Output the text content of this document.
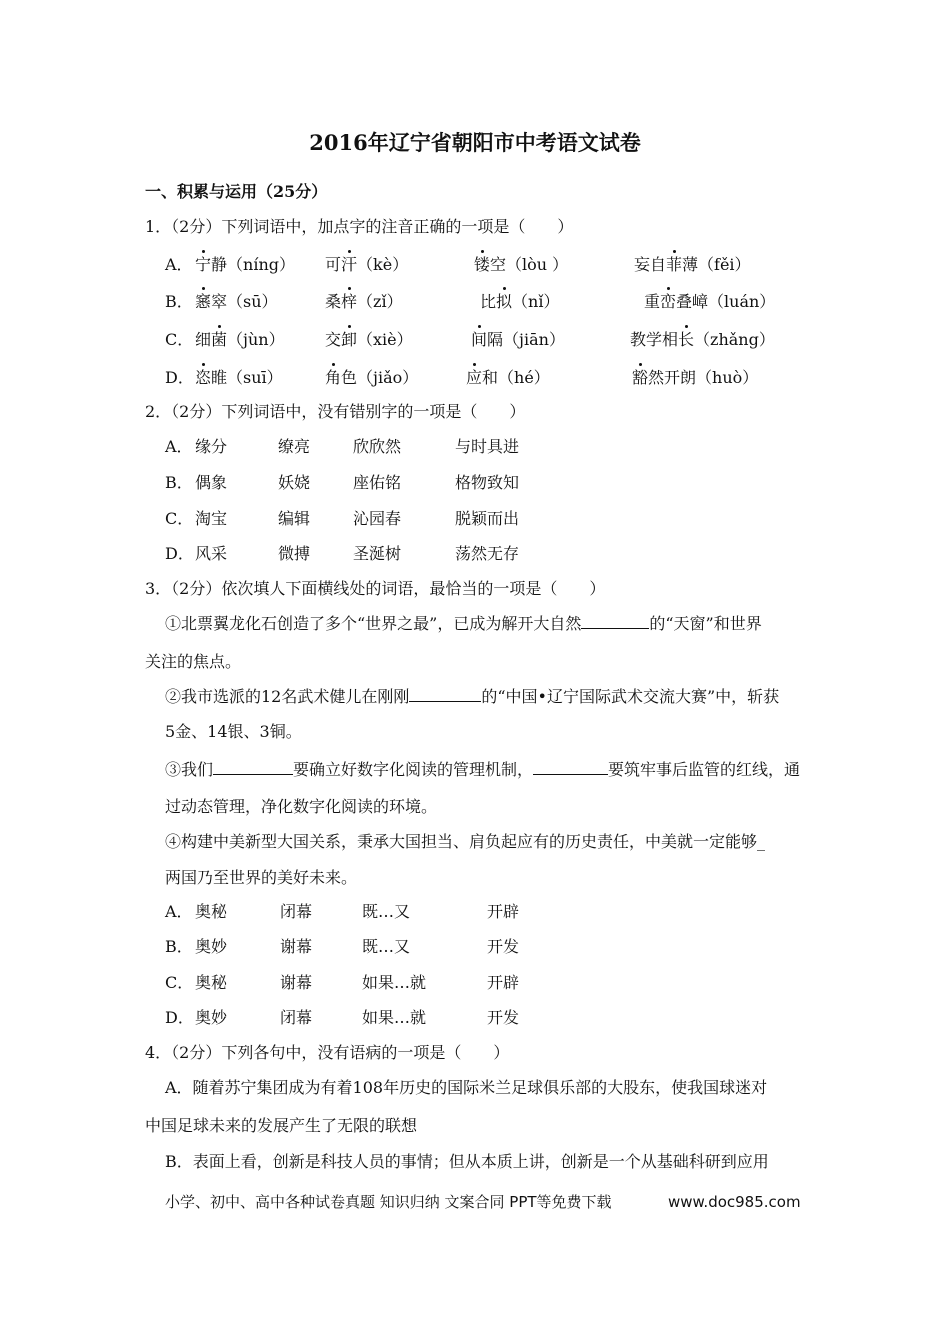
2016年辽宁省朝阳市中考语文试卷
一、积累与运用（25分）
1．（2分）下列词语中，加点字的注音正确的一项是（　　）
A． 宁静（níng） 可汗（kè）	镂空（lòu ）	妄自菲薄（fěi）
B． 窸窣（sū）	桑梓（zǐ）	比拟（nǐ）	重峦叠嶂（luán）
C． 细菌（jùn）	交卸（xiè）	间隔（jiān）	教学相长（zhǎng）
D． 恣睢（suī）	角色（jiǎo）	应和（hé）	豁然开朗（huò）
2．（2分）下列词语中，没有错别字的一项是（　　）
A． 缘分	缭亮	欣欣然	与时具进
B． 偶象	妖娆	座佑铭	格物致知
C． 淘宝	编辑	沁园春	脱颖而出
D． 风采	微搏	圣涎树	荡然无存
3．（2分）依次填人下面横线处的词语，最恰当的一项是（　　）
①北票翼龙化石创造了多个“世界之最”，已成为解开大自然	的“天窗”和世界
关注的焦点。
②我市选派的12名武术健儿在刚刚	的“中国•辽宁国际武术交流大赛”中，斩获
5金、14银、3铜。
③我们	要确立好数字化阅读的管理机制，	要筑牢事后监管的红线，通
过动态管理，净化数字化阅读的环境。
④构建中美新型大国关系，秉承大国担当、肩负起应有的历史责任，中美就一定能够_
两国乃至世界的美好未来。
A． 奥秘	闭幕	既…又	开辟
B． 奥妙	谢幕	既…又	开发
C． 奥秘	谢幕	如果…就	开辟
D． 奥妙	闭幕	如果…就	开发
4．（2分）下列各句中，没有语病的一项是（　　）
A．随着苏宁集团成为有着108年历史的国际米兰足球俱乐部的大股东，使我国球迷对
中国足球未来的发展产生了无限的联想
B．表面上看，创新是科技人员的事情；但从本质上讲，创新是一个从基础科研到应用
小学、初中、高中各种试卷真题 知识归纳 文案合同 PPT等免费下载	www.doc985.com
